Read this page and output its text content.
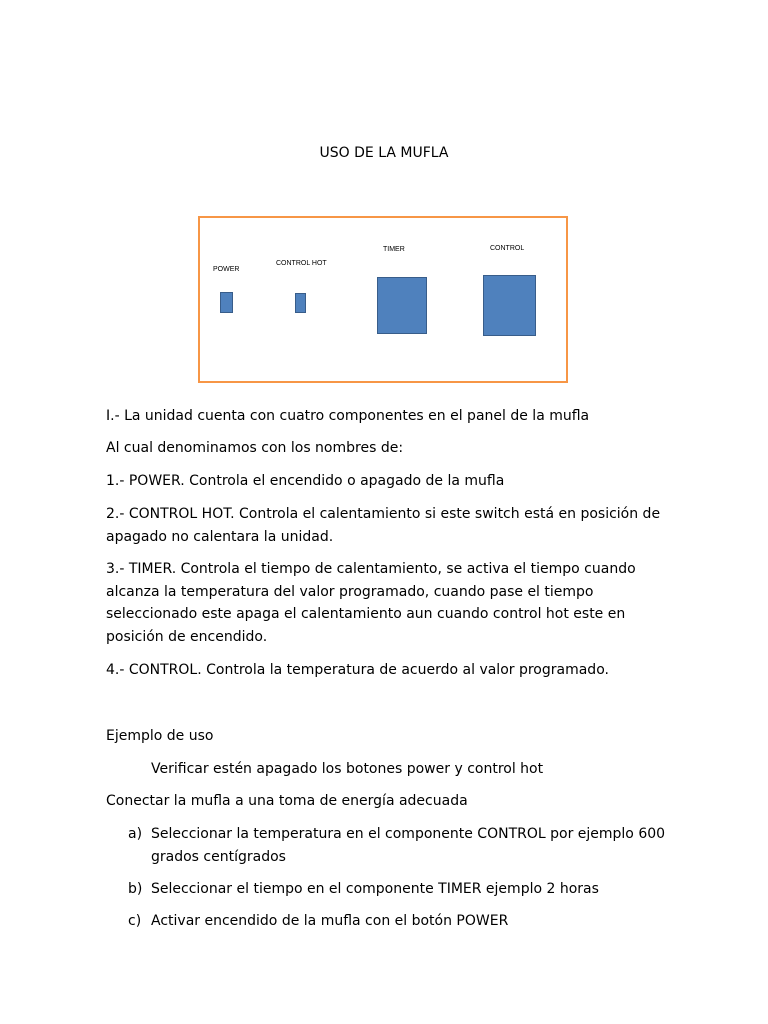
USO DE LA MUFLA
POWER
CONTROL HOT
TIMER	CONTROL

I.- La unidad cuenta con cuatro componentes en el panel de la mufla

Al cual denominamos con los nombres de:

1.- POWER. Controla el encendido o apagado de la mufla

2.- CONTROL HOT. Controla el calentamiento si este switch está en posición de apagado no calentara la unidad.

3.- TIMER. Controla el tiempo de calentamiento, se activa el tiempo cuando alcanza la temperatura del valor programado, cuando pase el tiempo seleccionado este apaga el calentamiento aun cuando control hot este en posición de encendido.

4.- CONTROL. Controla la temperatura de acuerdo al valor programado.

Ejemplo de uso

Verificar estén apagado los botones power y control hot

Conectar la mufla a una toma de energía adecuada

a) Seleccionar la temperatura en el componente CONTROL por ejemplo 600 grados centígrados
b) Seleccionar el tiempo en el componente TIMER ejemplo 2 horas
c) Activar encendido de la mufla con el botón POWER
